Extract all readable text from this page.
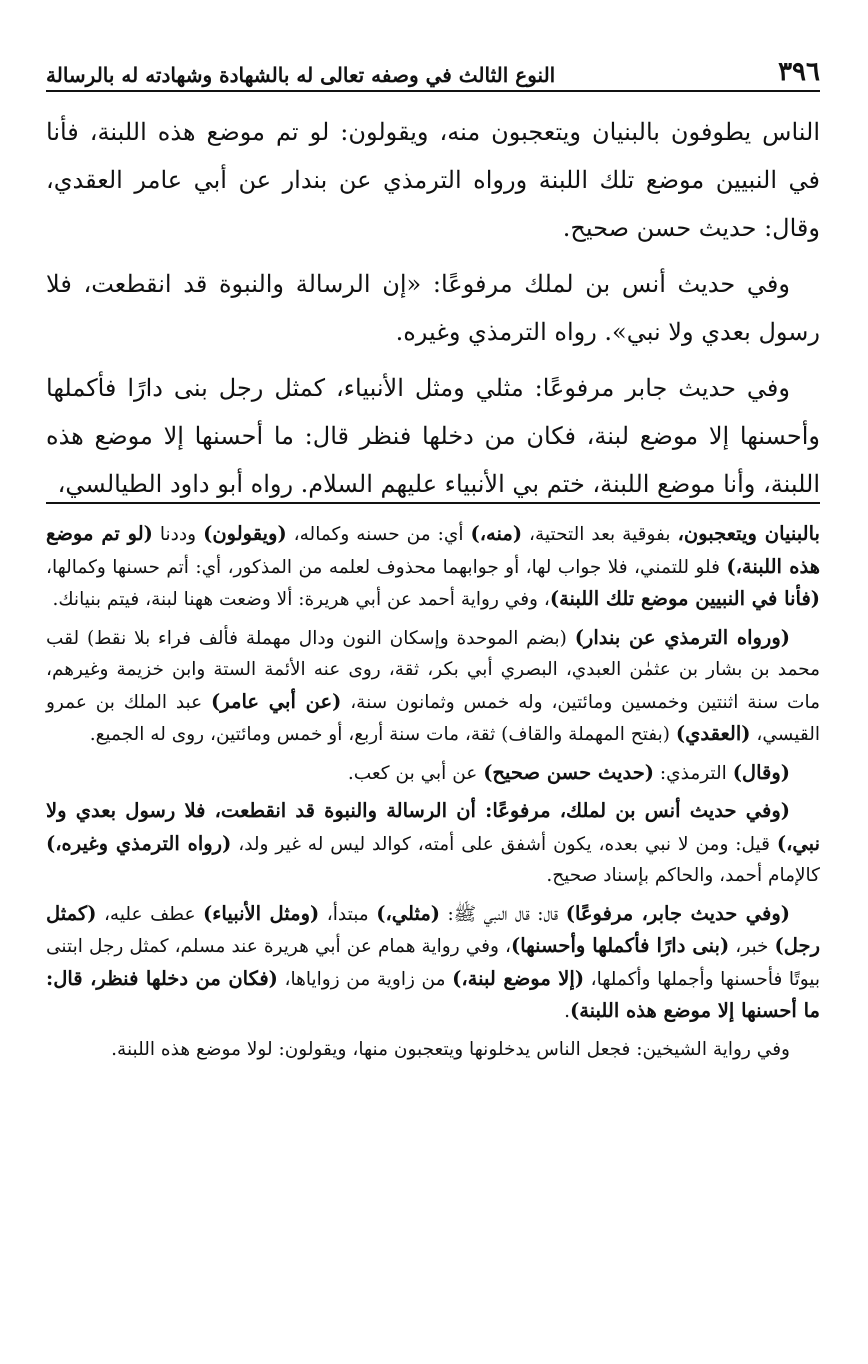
٣٩٦
النوع الثالث في وصفه تعالى له بالشهادة وشهادته له بالرسالة

الناس يطوفون بالبنيان ويتعجبون منه، ويقولون: لو تم موضع هذه اللبنة، فأنا في النبيين موضع تلك اللبنة ورواه الترمذي عن بندار عن أبي عامر العقدي، وقال: حديث حسن صحيح.

وفي حديث أنس بن لملك مرفوعًا: «إن الرسالة والنبوة قد انقطعت، فلا رسول بعدي ولا نبي». رواه الترمذي وغيره.

وفي حديث جابر مرفوعًا: مثلي ومثل الأنبياء، كمثل رجل بنى دارًا فأكملها وأحسنها إلا موضع لبنة، فكان من دخلها فنظر قال: ما أحسنها إلا موضع هذه اللبنة، وأنا موضع اللبنة، ختم بي الأنبياء عليهم السلام. رواه أبو داود الطيالسي،

بالبنيان ويتعجبون، بفوقية بعد التحتية، (منه،) أي: من حسنه وكماله، (ويقولون) وددنا (لو تم موضع هذه اللبنة،) فلو للتمني، فلا جواب لها، أو جوابهما محذوف لعلمه من المذكور، أي: أتم حسنها وكمالها، (فأنا في النبيين موضع تلك اللبنة)، وفي رواية أحمد عن أبي هريرة: ألا وضعت ههنا لبنة، فيتم بنيانك.

(ورواه الترمذي عن بندار) (بضم الموحدة وإسكان النون ودال مهملة فألف فراء بلا نقط) لقب محمد بن بشار بن عثمٰن العبدي، البصري أبي بكر، ثقة، روى عنه الأئمة الستة وابن خزيمة وغيرهم، مات سنة اثنتين وخمسين ومائتين، وله خمس وثمانون سنة، (عن أبي عامر) عبد الملك بن عمرو القيسي، (العقدي) (بفتح المهملة والقاف) ثقة، مات سنة أربع، أو خمس ومائتين، روى له الجميع.

(وقال) الترمذي: (حديث حسن صحيح) عن أبي بن كعب.

(وفي حديث أنس بن لملك، مرفوعًا: أن الرسالة والنبوة قد انقطعت، فلا رسول بعدي ولا نبي،) قيل: ومن لا نبي بعده، يكون أشفق على أمته، كوالد ليس له غير ولد، (رواه الترمذي وغيره،) كالإمام أحمد، والحاكم بإسناد صحيح.

(وفي حديث جابر، مرفوعًا) قال: قال النبي ﷺ: (مثلي،) مبتدأ، (ومثل الأنبياء) عطف عليه، (كمثل رجل) خبر، (بنى دارًا فأكملها وأحسنها)، وفي رواية همام عن أبي هريرة عند مسلم، كمثل رجل ابتنى بيوتًا فأحسنها وأجملها وأكملها، (إلا موضع لبنة،) من زاوية من زواياها، (فكان من دخلها فنظر، قال: ما أحسنها إلا موضع هذه اللبنة).

وفي رواية الشيخين: فجعل الناس يدخلونها ويتعجبون منها، ويقولون: لولا موضع هذه اللبنة.
